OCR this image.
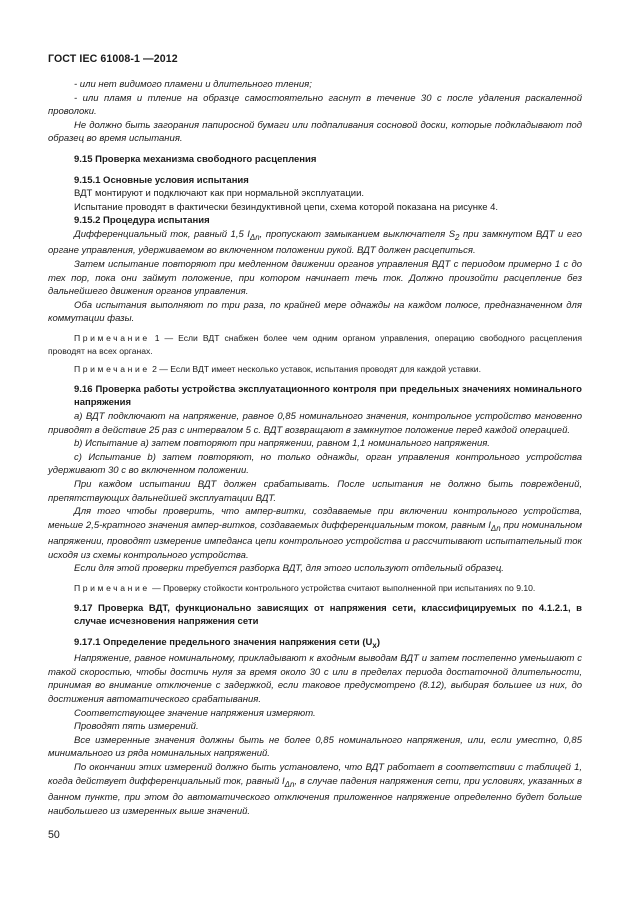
ГОСТ IEC 61008-1 —2012

- или нет видимого пламени и длительного тления;

- или пламя и тление на образце самостоятельно гаснут в течение 30 с после удаления раскаленной проволоки.

Не должно быть загорания папиросной бумаги или подпаливания сосновой доски, которые подкладывают под образец во время испытания.

9.15 Проверка механизма свободного расцепления

9.15.1 Основные условия испытания

ВДТ монтируют и подключают как при нормальной эксплуатации.

Испытание проводят в фактически безиндуктивной цепи, схема которой показана на рисунке 4.

9.15.2 Процедура испытания

Дифференциальный ток, равный 1,5 $I_{\Delta n}$, пропускают замыканием выключателя $S_2$ при замкнутом ВДТ и его органе управления, удерживаемом во включенном положении рукой. ВДТ должен расцепиться.

Затем испытание повторяют при медленном движении органов управления ВДТ с периодом примерно 1 с до тех пор, пока они займут положение, при котором начинает течь ток. Должно произойти расцепление без дальнейшего движения органов управления.

Оба испытания выполняют по три раза, по крайней мере однажды на каждом полюсе, предназначенном для коммутации фазы.

Примечание 1 — Если ВДТ снабжен более чем одним органом управления, операцию свободного расцепления проводят на всех органах.

Примечание 2 — Если ВДТ имеет несколько уставок, испытания проводят для каждой уставки.

9.16 Проверка работы устройства эксплуатационного контроля при предельных значениях номинального напряжения

а) ВДТ подключают на напряжение, равное 0,85 номинального значения, контрольное устройство мгновенно приводят в действие 25 раз с интервалом 5 с. ВДТ возвращают в замкнутое положение перед каждой операцией.

b) Испытание a) затем повторяют при напряжении, равном 1,1 номинального напряжения.

c) Испытание b) затем повторяют, но только однажды, орган управления контрольного устройства удерживают 30 с во включенном положении.

При каждом испытании ВДТ должен срабатывать. После испытания не должно быть повреждений, препятствующих дальнейшей эксплуатации ВДТ.

Для того чтобы проверить, что ампер-витки, создаваемые при включении контрольного устройства, меньше 2,5-кратного значения ампер-витков, создаваемых дифференциальным током, равным $I_{\Delta n}$ при номинальном напряжении, проводят измерение импеданса цепи контрольного устройства и рассчитывают испытательный ток исходя из схемы контрольного устройства.

Если для этой проверки требуется разборка ВДТ, для этого используют отдельный образец.

Примечание — Проверку стойкости контрольного устройства считают выполненной при испытаниях по 9.10.

9.17 Проверка ВДТ, функционально зависящих от напряжения сети, классифицируемых по 4.1.2.1, в случае исчезновения напряжения сети

9.17.1 Определение предельного значения напряжения сети $(U_x)$

Напряжение, равное номинальному, прикладывают к входным выводам ВДТ и затем постепенно уменьшают с такой скоростью, чтобы достичь нуля за время около 30 с или в пределах периода достаточной длительности, принимая во внимание отключение с задержкой, если таковое предусмотрено (8.12), выбирая большее из них, до достижения автоматического срабатывания.

Соответствующее значение напряжения измеряют.

Проводят пять измерений.

Все измеренные значения должны быть не более 0,85 номинального напряжения, или, если уместно, 0,85 минимального из ряда номинальных напряжений.

По окончании этих измерений должно быть установлено, что ВДТ работает в соответствии с таблицей 1, когда действует дифференциальный ток, равный $I_{\Delta n}$, в случае падения напряжения сети, при условиях, указанных в данном пункте, при этом до автоматического отключения приложенное напряжение определенно будет больше наибольшего из измеренных выше значений.

50
